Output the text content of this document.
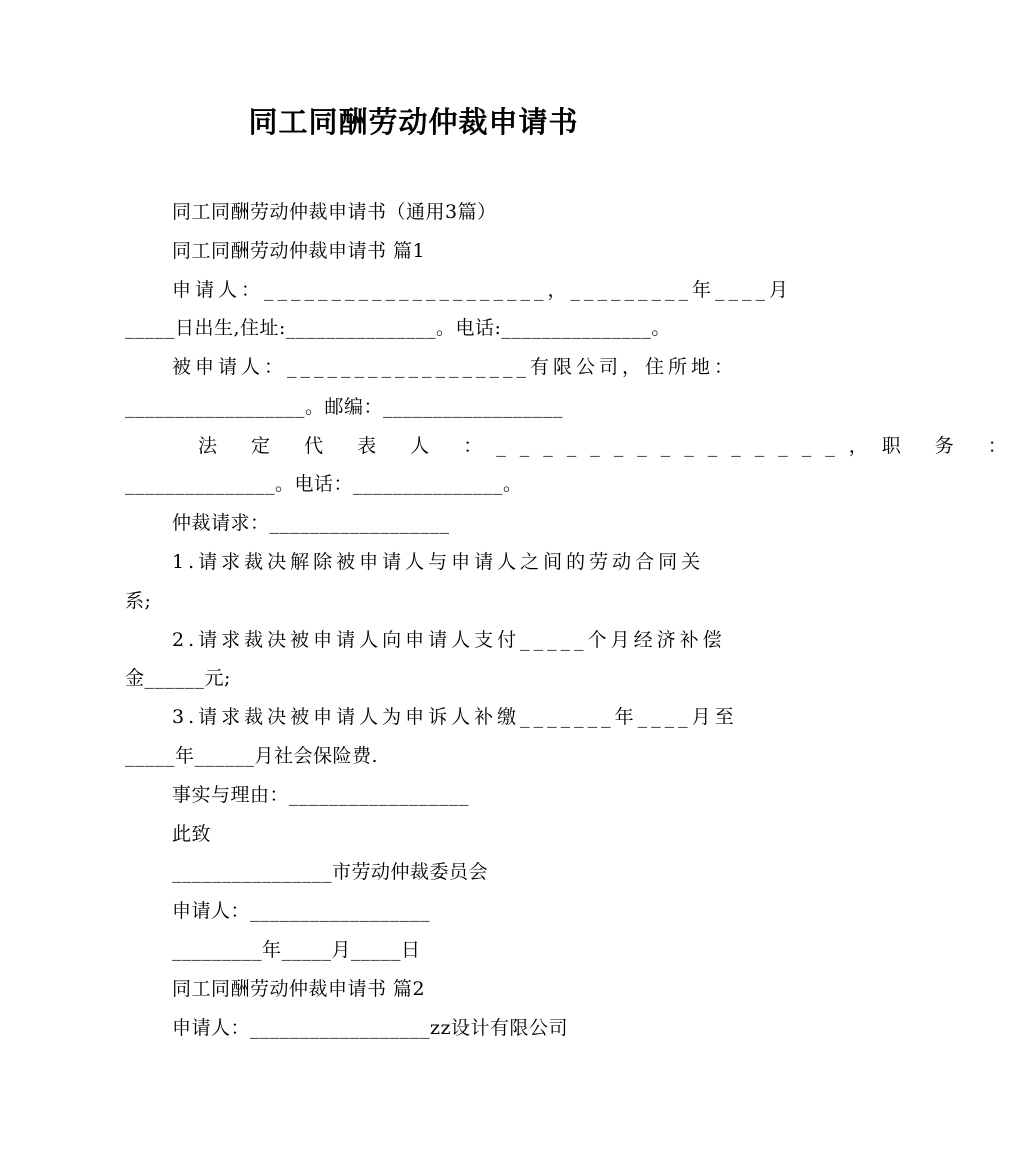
同工同酬劳动仲裁申请书
同工同酬劳动仲裁申请书（通用3篇）
同工同酬劳动仲裁申请书 篇1
申请人：_____________________，_________年____月
_____日出生,住址:_______________。电话:_______________。
被申请人：__________________有限公司，住所地：
__________________。邮编：__________________
法 定 代 表 人 ：_______________，职 务 ：
_______________。电话：_______________。
仲裁请求：__________________
1.请求裁决解除被申请人与申请人之间的劳动合同关
系;
2.请求裁决被申请人向申请人支付_____个月经济补偿
金______元;
3.请求裁决被申请人为申诉人补缴_______年____月至
_____年______月社会保险费.
事实与理由：__________________
此致
________________市劳动仲裁委员会
申请人：__________________
_________年_____月_____日
同工同酬劳动仲裁申请书 篇2
申请人：__________________zz设计有限公司
